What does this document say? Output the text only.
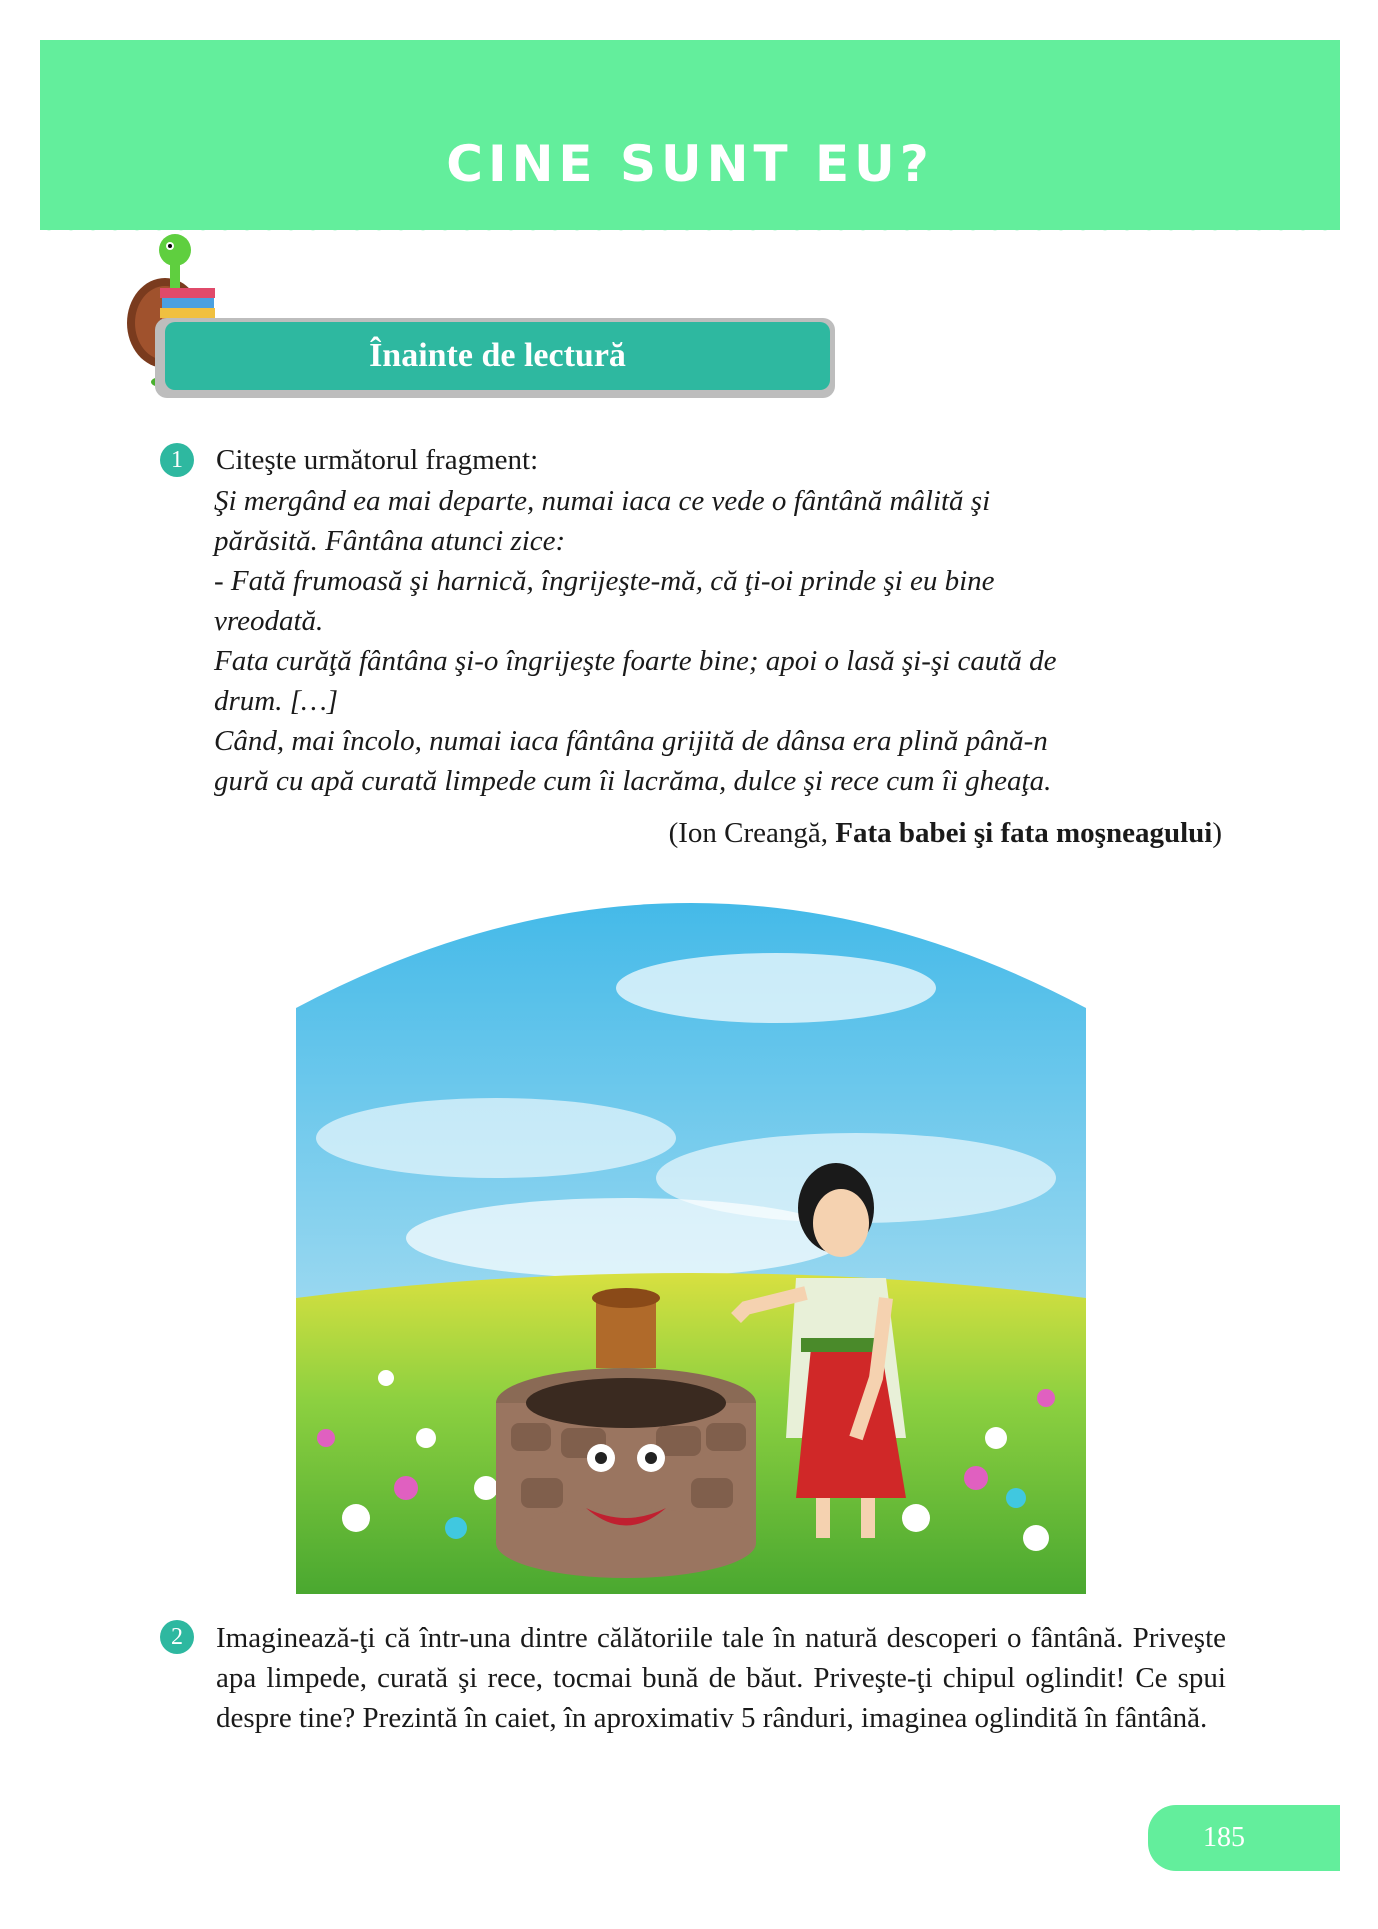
CINE SUNT EU?
Înainte de lectură
1	Citeşte următorul fragment:

Şi mergând ea mai departe, numai iaca ce vede o fântână mâlită şi

părăsită. Fântâna atunci zice:

- Fată frumoasă şi harnică, îngrijeşte-mă, că ţi-oi prinde şi eu bine

vreodată.

Fata curăţă fântâna şi-o îngrijeşte foarte bine; apoi o lasă şi-şi caută de

drum. […]

Când, mai încolo, numai iaca fântâna grijită de dânsa era plină până-n

gură cu apă curată limpede cum îi lacrăma, dulce şi rece cum îi gheaţa.

(Ion Creangă, Fata babei şi fata moşneagului)
2	Imaginează-ţi că într-una dintre călătoriile tale în natură descoperi o fântână. Priveşte apa limpede, curată şi rece, tocmai bună de băut. Priveşte-ţi chipul oglindit! Ce spui despre tine? Prezintă în caiet, în aproximativ 5 rânduri, imaginea oglindită în fântână.
185
